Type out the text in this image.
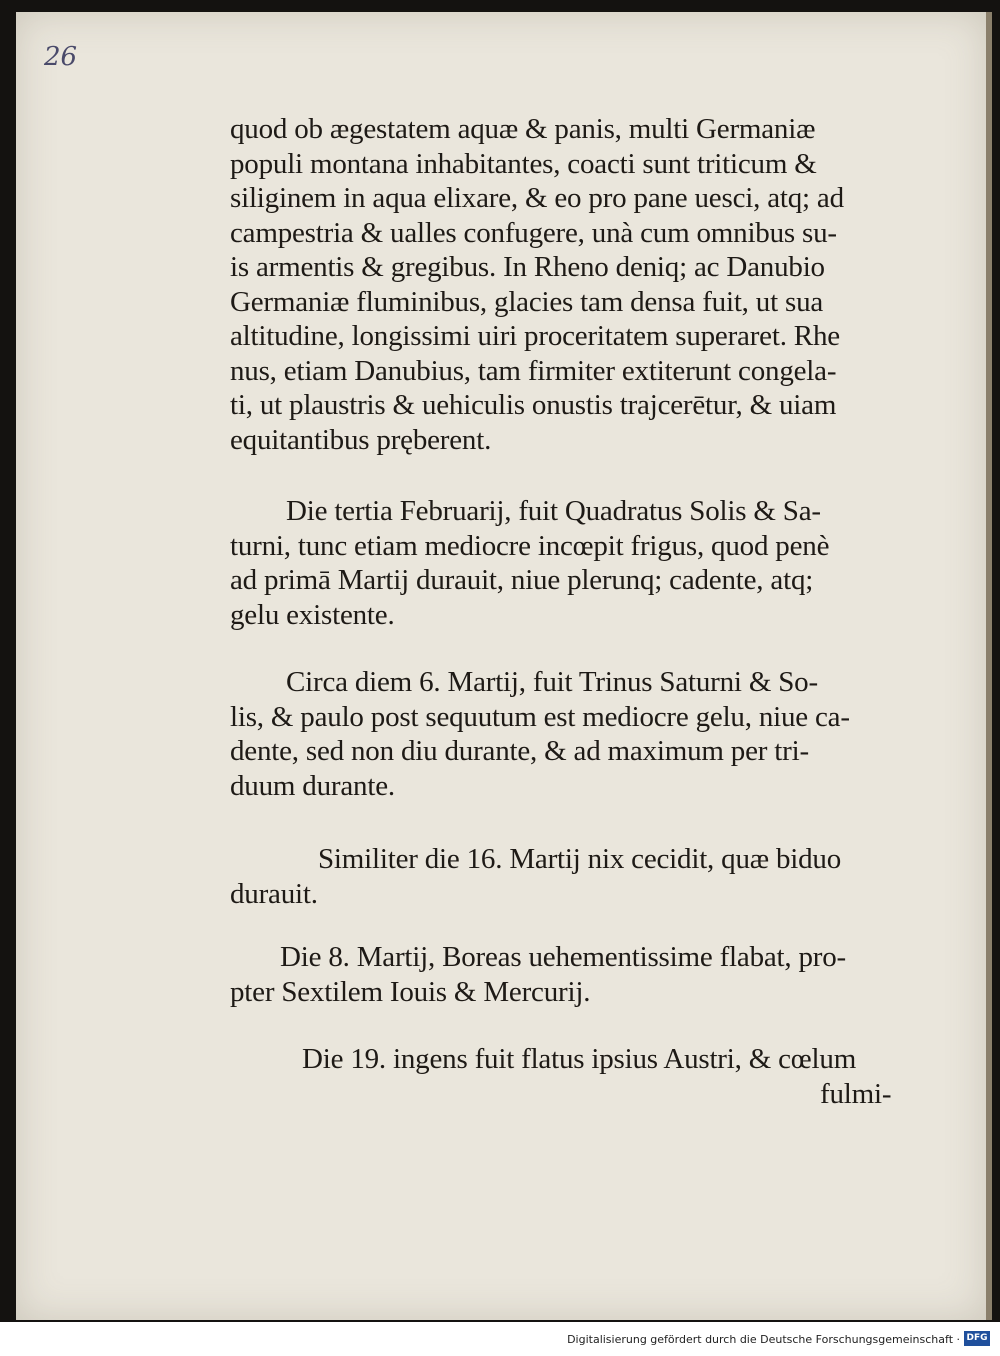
26
quod ob ægestatem aquæ & panis, multi Germaniæ
populi montana inhabitantes, coacti sunt triticum &
siliginem in aqua elixare, & eo pro pane uesci, atq; ad
campestria & ualles confugere, unà cum omnibus su-
is armentis & gregibus. In Rheno deniq; ac Danubio
Germaniæ fluminibus, glacies tam densa fuit, ut sua
altitudine, longissimi uiri proceritatem superaret. Rhe
nus, etiam Danubius, tam firmiter extiterunt congela-
ti, ut plaustris & uehiculis onustis trajcerētur, & uiam
equitantibus pręberent.
Die tertia Februarij, fuit Quadratus Solis & Sa-
turni, tunc etiam mediocre incœpit frigus, quod penè
ad primā Martij durauit, niue plerunq; cadente, atq;
gelu existente.
Circa diem 6. Martij, fuit Trinus Saturni & So-
lis, & paulo post sequutum est mediocre gelu, niue ca-
dente, sed non diu durante, & ad maximum per tri-
duum durante.
Similiter die 16. Martij nix cecidit, quæ biduo
durauit.
Die 8. Martij, Boreas uehementissime flabat, pro-
pter Sextilem Iouis & Mercurij.
Die 19. ingens fuit flatus ipsius Austri, & cœlum
fulmi-
Digitalisierung gefördert durch die Deutsche Forschungsgemeinschaft · DFG
